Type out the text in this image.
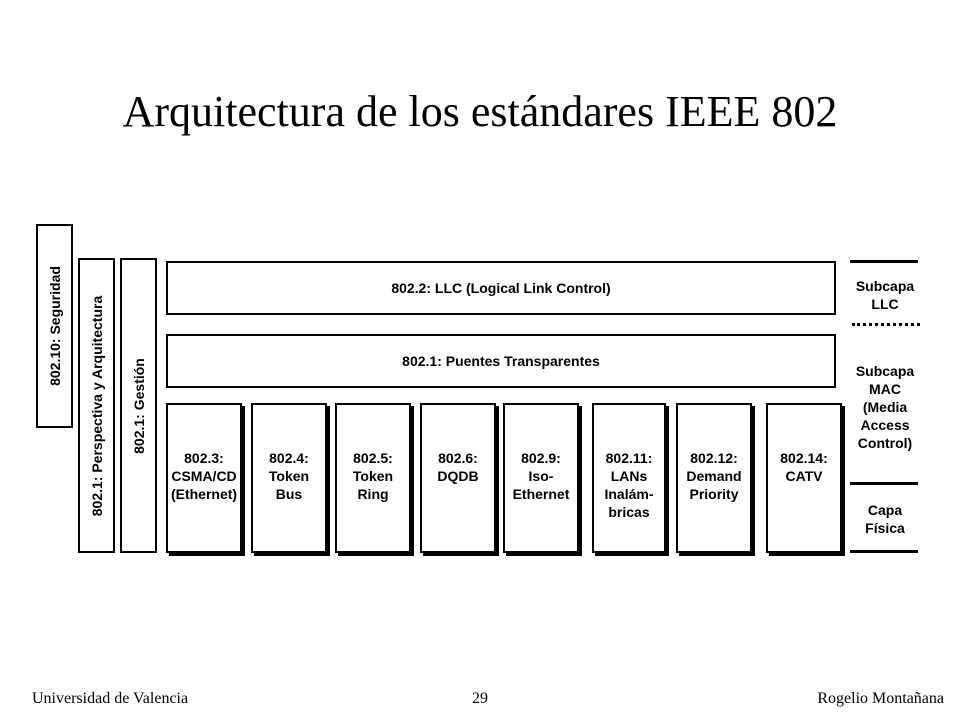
Arquitectura de los estándares IEEE 802
802.10: Seguridad 802.1: Perspectiva y Arquitectura 802.1: Gestión
802.2: LLC (Logical Link Control)
802.1: Puentes Transparentes
802.3:
CSMA/CD
(Ethernet)
802.4:
Token
Bus
802.5:
Token
Ring
802.6:
DQDB
802.9:
Iso-
Ethernet
802.11:
LANs
Inalám-
bricas
802.12:
Demand
Priority
802.14:
CATV
Subcapa
LLC
Subcapa
MAC
(Media
Access
Control)
Capa
Física
Universidad de Valencia	29	Rogelio Montañana
